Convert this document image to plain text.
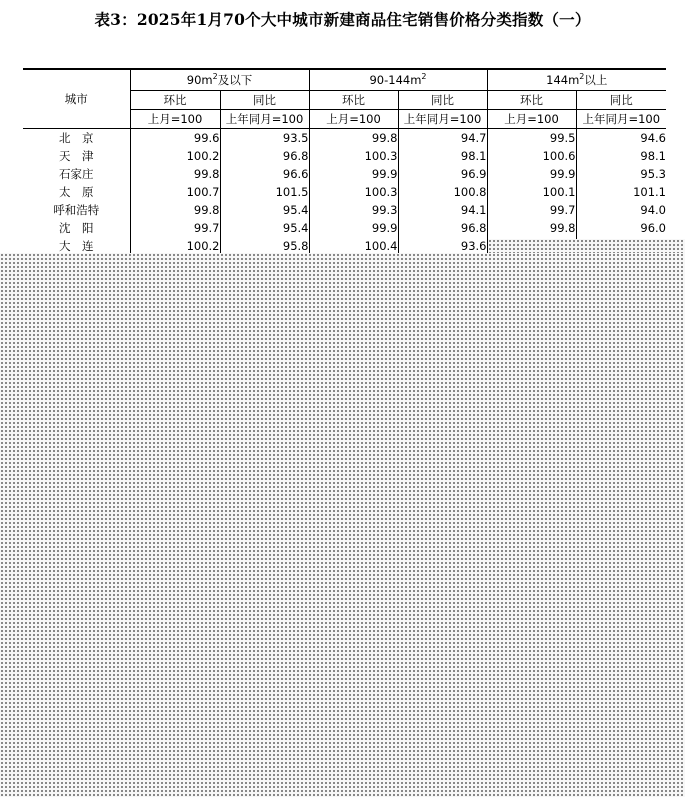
表3：2025年1月70个大中城市新建商品住宅销售价格分类指数（一）
城市	$90m^2$及以下		$90-144m^2$		$144m^2$以上	
	环比	同比	环比	同比	环比	同比
	上月=100	上年同月=100	上月=100	上年同月=100	上月=100	上年同月=100
北　京	99.6	93.5	99.8	94.7	99.5	94.6
天　津	100.2	96.8	100.3	98.1	100.6	98.1
石家庄	99.8	96.6	99.9	96.9	99.9	95.3
太　原	100.7	101.5	100.3	100.8	100.1	101.1
呼和浩特	99.8	95.4	99.3	94.1	99.7	94.0
沈　阳	99.7	95.4	99.9	96.8	99.8	96.0
大　连	100.2	95.8	100.4	93.6		
